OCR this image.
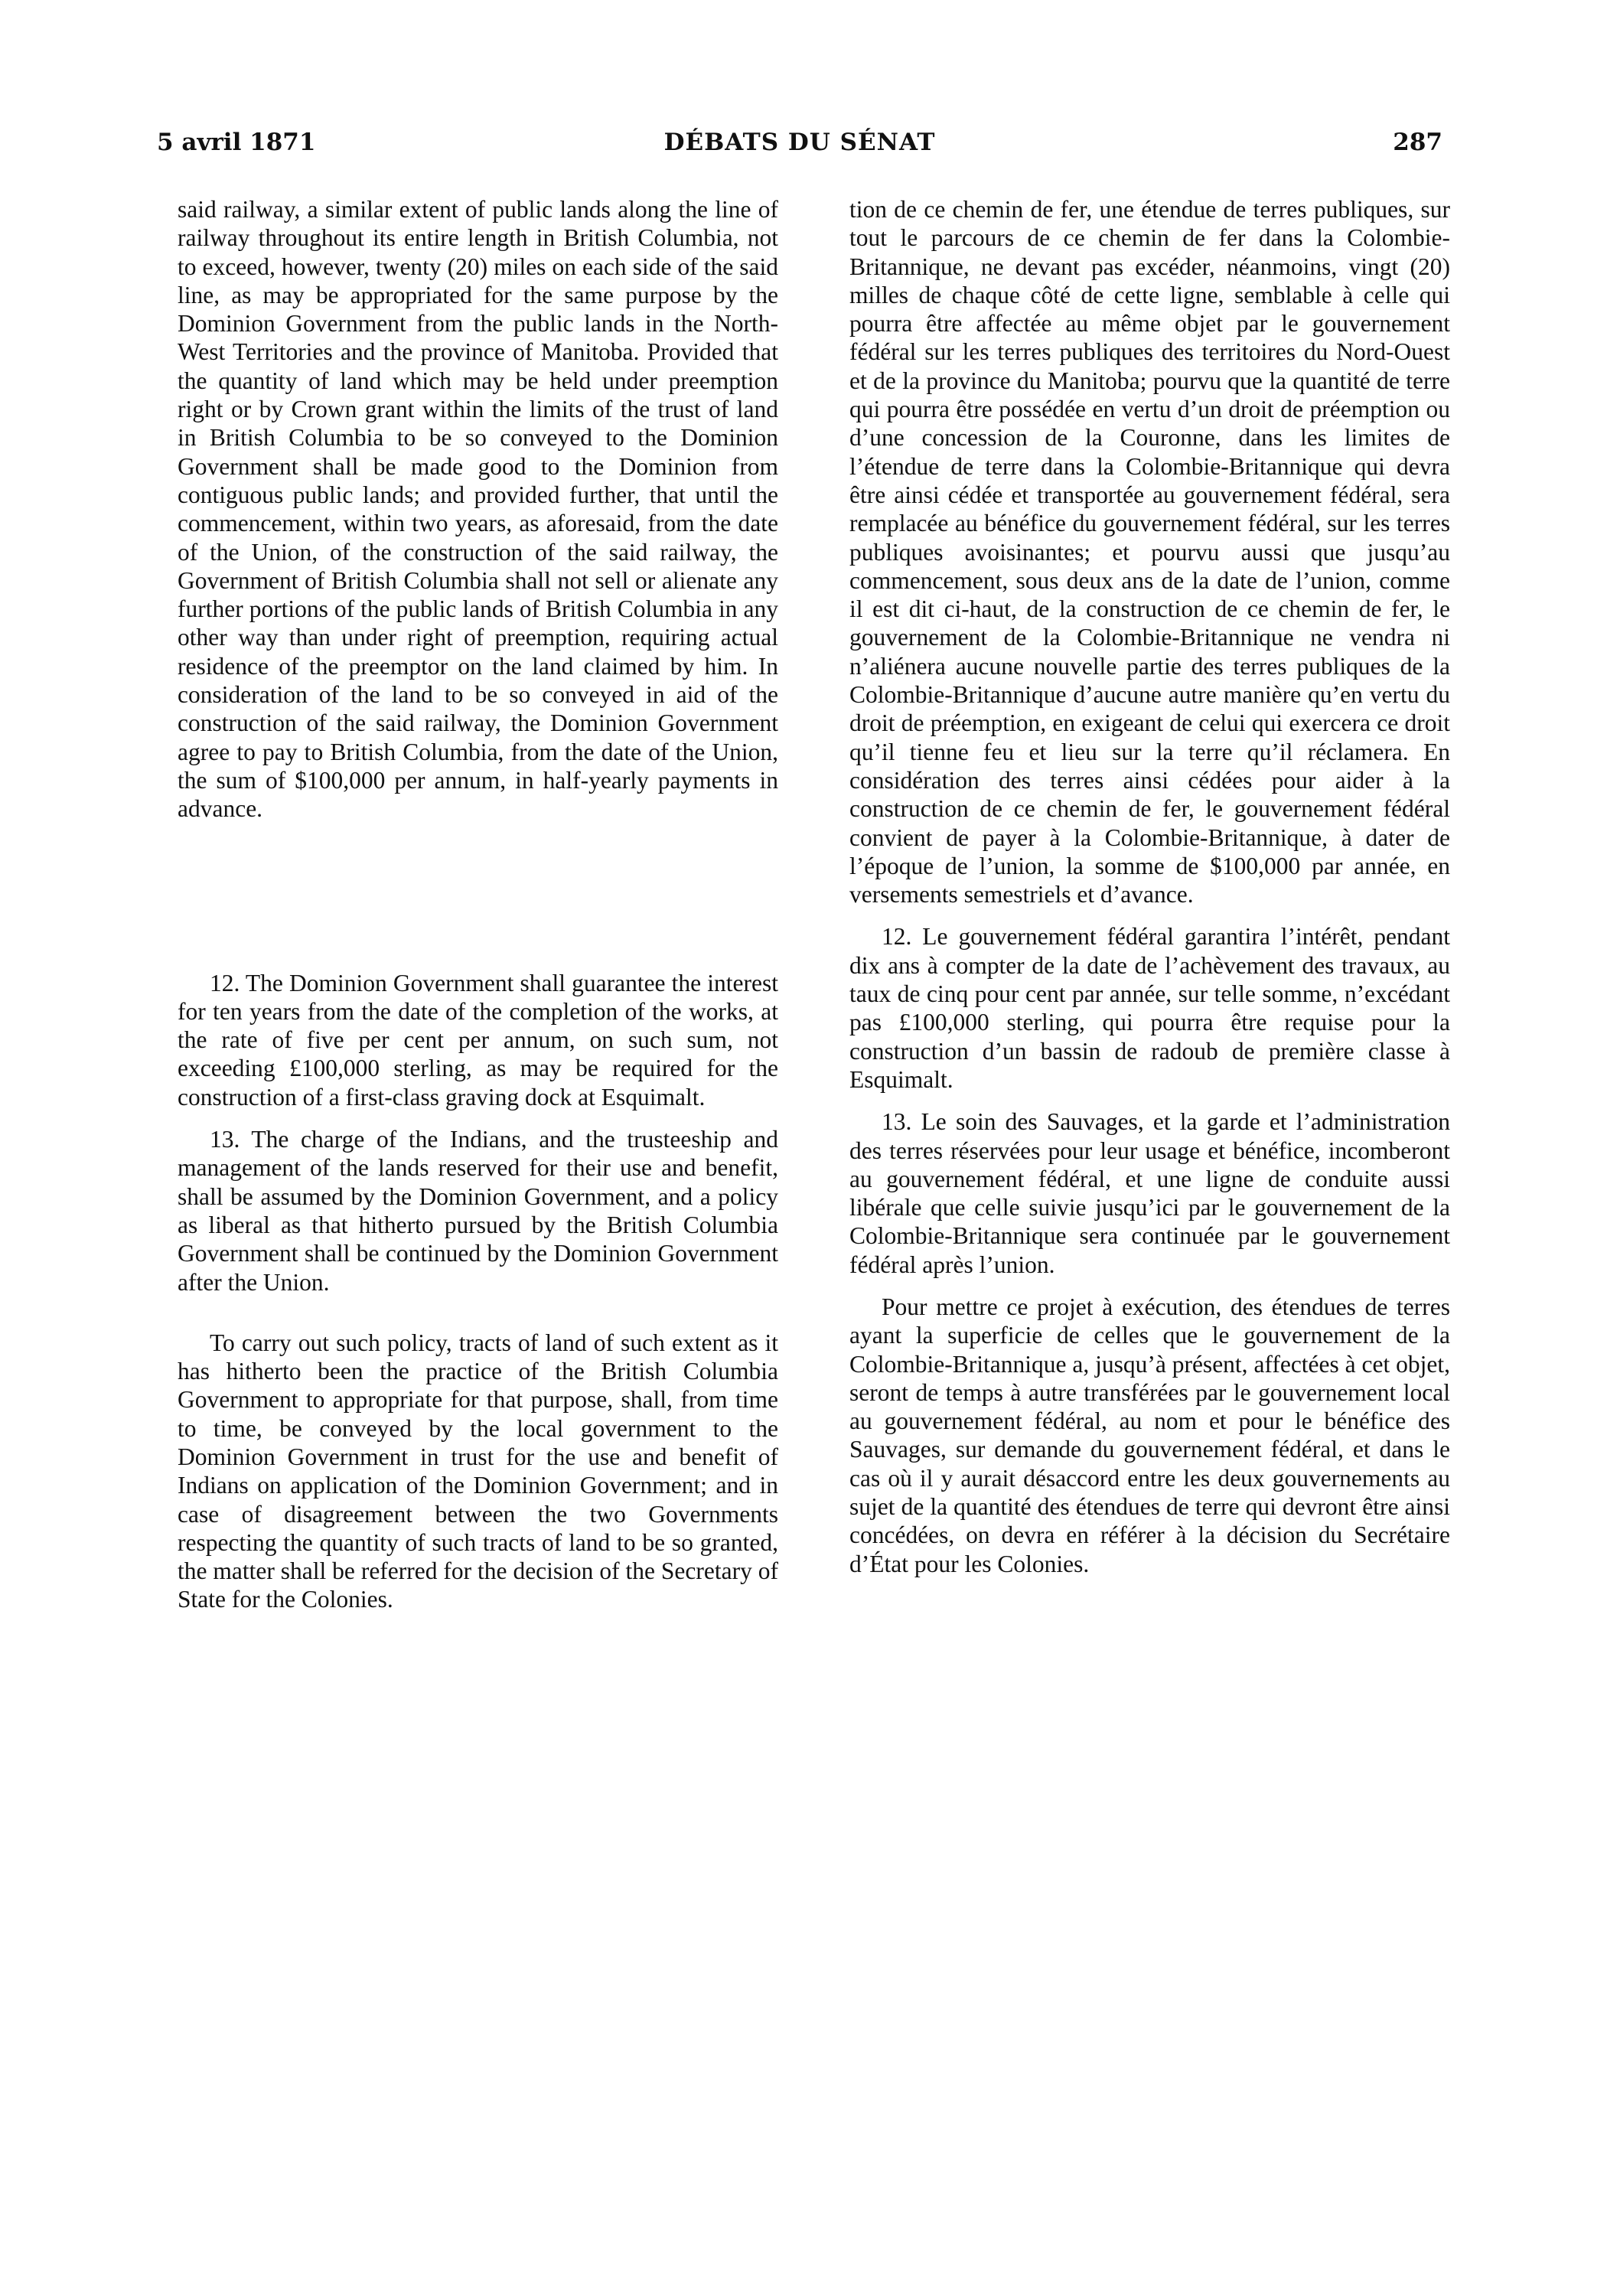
5 avril 1871	DÉBATS DU SÉNAT	287

said railway, a similar extent of public lands along the line of railway throughout its entire length in British Columbia, not to exceed, however, twenty (20) miles on each side of the said line, as may be appropriated for the same purpose by the Dominion Government from the public lands in the North-West Territories and the province of Manitoba. Provided that the quantity of land which may be held under preemption right or by Crown grant within the limits of the trust of land in British Columbia to be so conveyed to the Dominion Government shall be made good to the Dominion from contiguous public lands; and provided further, that until the commencement, within two years, as aforesaid, from the date of the Union, of the construction of the said railway, the Government of British Columbia shall not sell or alienate any further portions of the public lands of British Columbia in any other way than under right of preemption, requiring actual residence of the preemptor on the land claimed by him. In consideration of the land to be so conveyed in aid of the construction of the said railway, the Dominion Government agree to pay to British Columbia, from the date of the Union, the sum of $100,000 per annum, in half-yearly payments in advance.

12. The Dominion Government shall guarantee the interest for ten years from the date of the completion of the works, at the rate of five per cent per annum, on such sum, not exceeding £100,000 sterling, as may be required for the construction of a first-class graving dock at Esquimalt.

13. The charge of the Indians, and the trusteeship and management of the lands reserved for their use and benefit, shall be assumed by the Dominion Government, and a policy as liberal as that hitherto pursued by the British Columbia Government shall be continued by the Dominion Government after the Union.

To carry out such policy, tracts of land of such extent as it has hitherto been the practice of the British Columbia Government to appropriate for that purpose, shall, from time to time, be conveyed by the local government to the Dominion Government in trust for the use and benefit of Indians on application of the Dominion Government; and in case of disagreement between the two Governments respecting the quantity of such tracts of land to be so granted, the matter shall be referred for the decision of the Secretary of State for the Colonies.

tion de ce chemin de fer, une étendue de terres publiques, sur tout le parcours de ce chemin de fer dans la Colombie-Britannique, ne devant pas excéder, néanmoins, vingt (20) milles de chaque côté de cette ligne, semblable à celle qui pourra être affectée au même objet par le gouvernement fédéral sur les terres publiques des territoires du Nord-Ouest et de la province du Manitoba; pourvu que la quantité de terre qui pourra être possédée en vertu d’un droit de préemption ou d’une concession de la Couronne, dans les limites de l’étendue de terre dans la Colombie-Britannique qui devra être ainsi cédée et transportée au gouvernement fédéral, sera remplacée au bénéfice du gouvernement fédéral, sur les terres publiques avoisinantes; et pourvu aussi que jusqu’au commencement, sous deux ans de la date de l’union, comme il est dit ci-haut, de la construction de ce chemin de fer, le gouvernement de la Colombie-Britannique ne vendra ni n’aliénera aucune nouvelle partie des terres publiques de la Colombie-Britannique d’aucune autre manière qu’en vertu du droit de préemption, en exigeant de celui qui exercera ce droit qu’il tienne feu et lieu sur la terre qu’il réclamera. En considération des terres ainsi cédées pour aider à la construction de ce chemin de fer, le gouvernement fédéral convient de payer à la Colombie-Britannique, à dater de l’époque de l’union, la somme de $100,000 par année, en versements semestriels et d’avance.

12. Le gouvernement fédéral garantira l’intérêt, pendant dix ans à compter de la date de l’achèvement des travaux, au taux de cinq pour cent par année, sur telle somme, n’excédant pas £100,000 sterling, qui pourra être requise pour la construction d’un bassin de radoub de première classe à Esquimalt.

13. Le soin des Sauvages, et la garde et l’administration des terres réservées pour leur usage et bénéfice, incomberont au gouvernement fédéral, et une ligne de conduite aussi libérale que celle suivie jusqu’ici par le gouvernement de la Colombie-Britannique sera continuée par le gouvernement fédéral après l’union.

Pour mettre ce projet à exécution, des étendues de terres ayant la superficie de celles que le gouvernement de la Colombie-Britannique a, jusqu’à présent, affectées à cet objet, seront de temps à autre transférées par le gouvernement local au gouvernement fédéral, au nom et pour le bénéfice des Sauvages, sur demande du gouvernement fédéral, et dans le cas où il y aurait désaccord entre les deux gouvernements au sujet de la quantité des étendues de terre qui devront être ainsi concédées, on devra en référer à la décision du Secrétaire d’État pour les Colonies.
